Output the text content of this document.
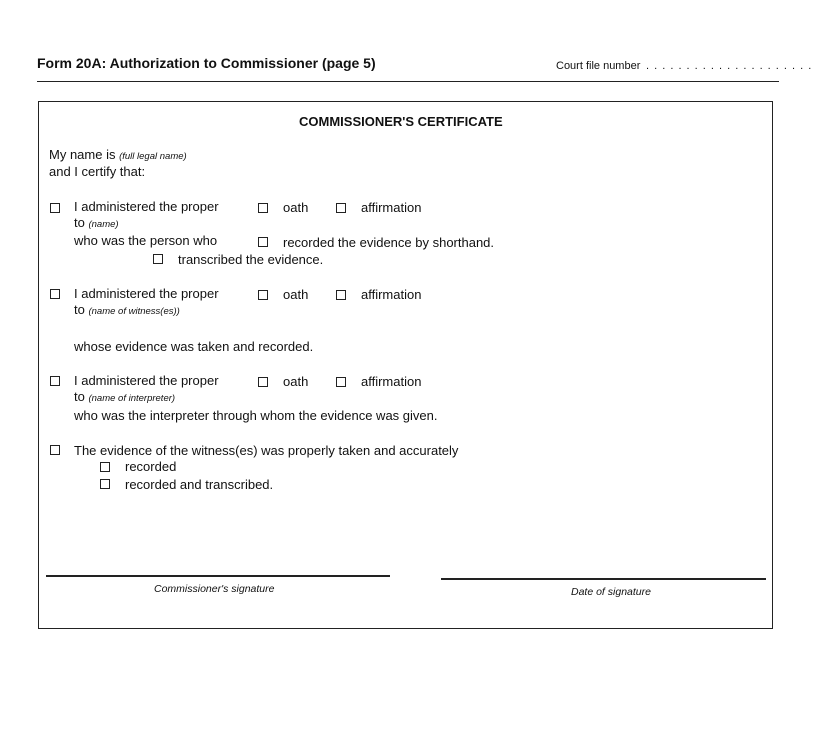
Form 20A: Authorization to Commissioner (page 5)	Court file number . . . . . . . . . . . . . . . . . . . . .
COMMISSIONER'S CERTIFICATE
My name is (full legal name)
and I certify that:
I administered the proper	oath	affirmation
to (name)
who was the person who	recorded the evidence by shorthand.
transcribed the evidence.
I administered the proper	oath	affirmation
to (name of witness(es))
whose evidence was taken and recorded.
I administered the proper	oath	affirmation
to (name of interpreter)
who was the interpreter through whom the evidence was given.
The evidence of the witness(es) was properly taken and accurately
recorded
recorded and transcribed.
Commissioner's signature	Date of signature
